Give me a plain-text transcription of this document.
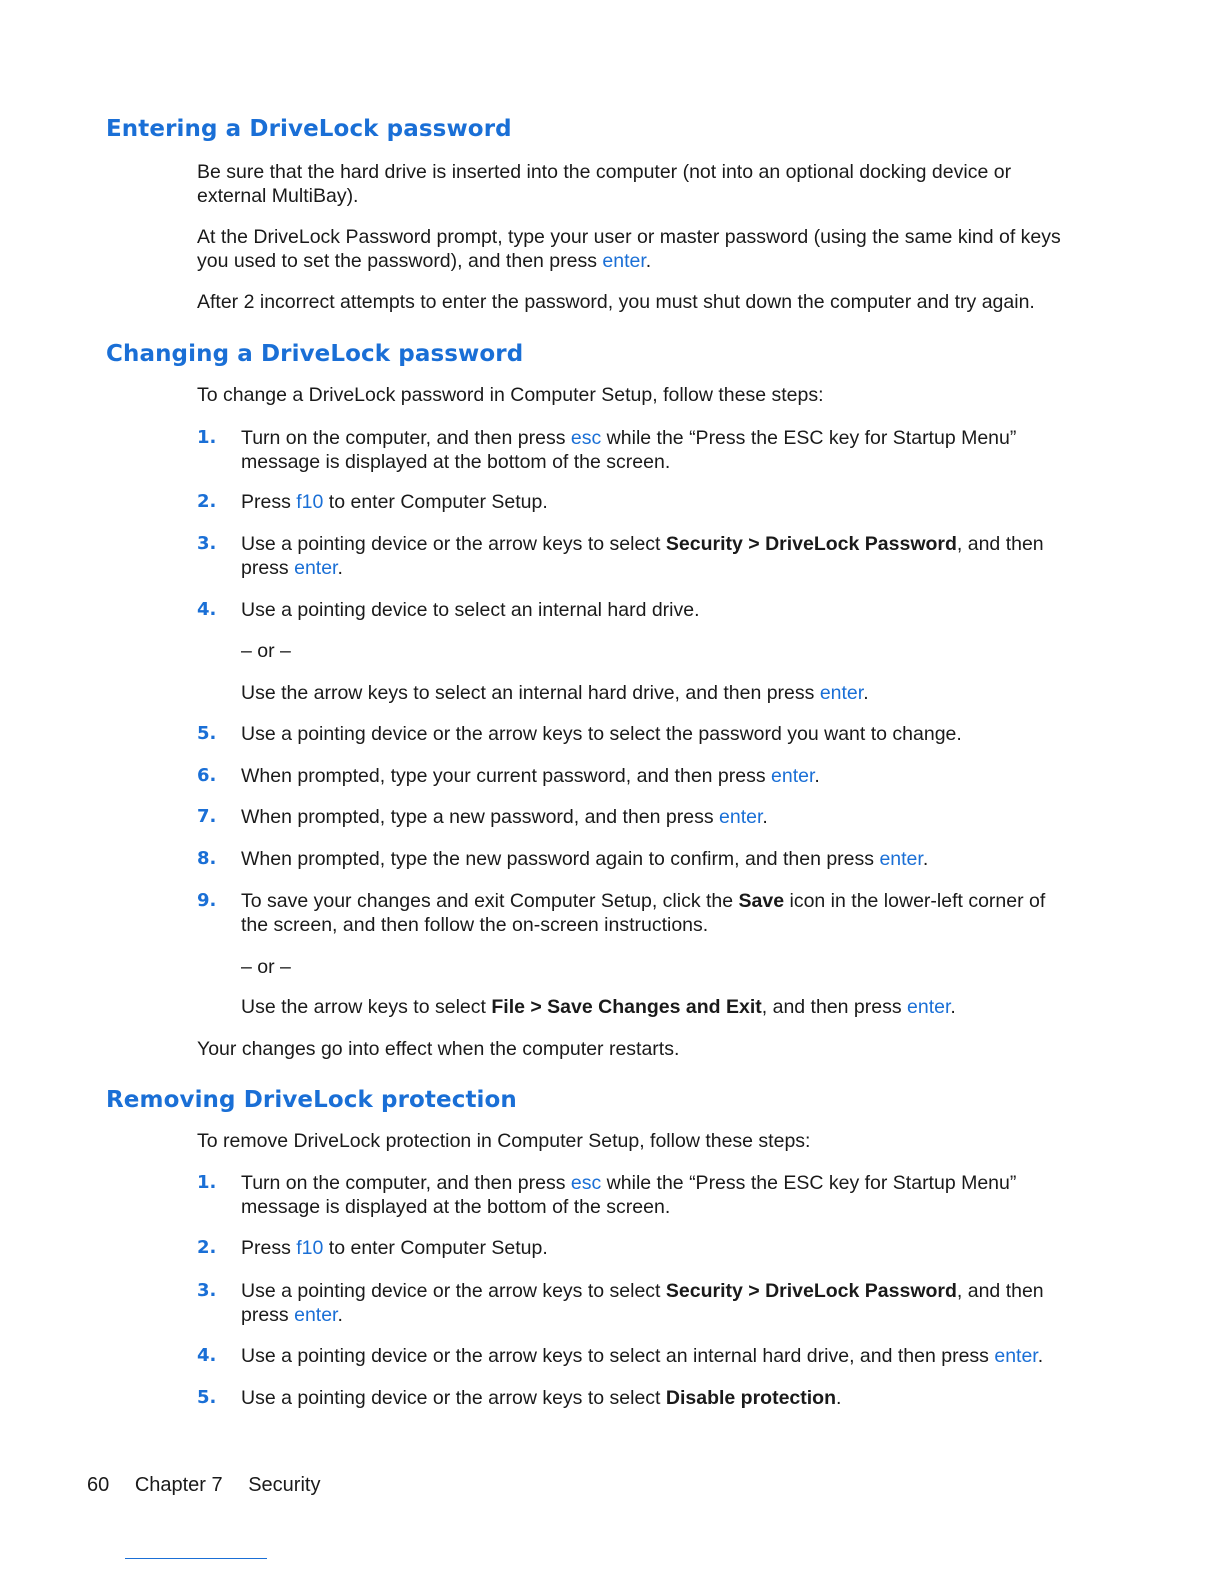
Entering a DriveLock password

Be sure that the hard drive is inserted into the computer (not into an optional docking device or external MultiBay).

At the DriveLock Password prompt, type your user or master password (using the same kind of keys you used to set the password), and then press enter.

After 2 incorrect attempts to enter the password, you must shut down the computer and try again.

Changing a DriveLock password

To change a DriveLock password in Computer Setup, follow these steps:

1.	Turn on the computer, and then press esc while the “Press the ESC key for Startup Menu” message is displayed at the bottom of the screen.
2.	Press f10 to enter Computer Setup.
3.	Use a pointing device or the arrow keys to select Security > DriveLock Password, and then press enter.
4.	Use a pointing device to select an internal hard drive.

– or –

Use the arrow keys to select an internal hard drive, and then press enter.

5.	Use a pointing device or the arrow keys to select the password you want to change.
6.	When prompted, type your current password, and then press enter.
7.	When prompted, type a new password, and then press enter.
8.	When prompted, type the new password again to confirm, and then press enter.
9.	To save your changes and exit Computer Setup, click the Save icon in the lower-left corner of the screen, and then follow the on-screen instructions.

– or –

Use the arrow keys to select File > Save Changes and Exit, and then press enter.

Your changes go into effect when the computer restarts.

Removing DriveLock protection

To remove DriveLock protection in Computer Setup, follow these steps:

1.	Turn on the computer, and then press esc while the “Press the ESC key for Startup Menu” message is displayed at the bottom of the screen.
2.	Press f10 to enter Computer Setup.
3.	Use a pointing device or the arrow keys to select Security > DriveLock Password, and then press enter.
4.	Use a pointing device or the arrow keys to select an internal hard drive, and then press enter.
5.	Use a pointing device or the arrow keys to select Disable protection.
60 Chapter 7 Security
